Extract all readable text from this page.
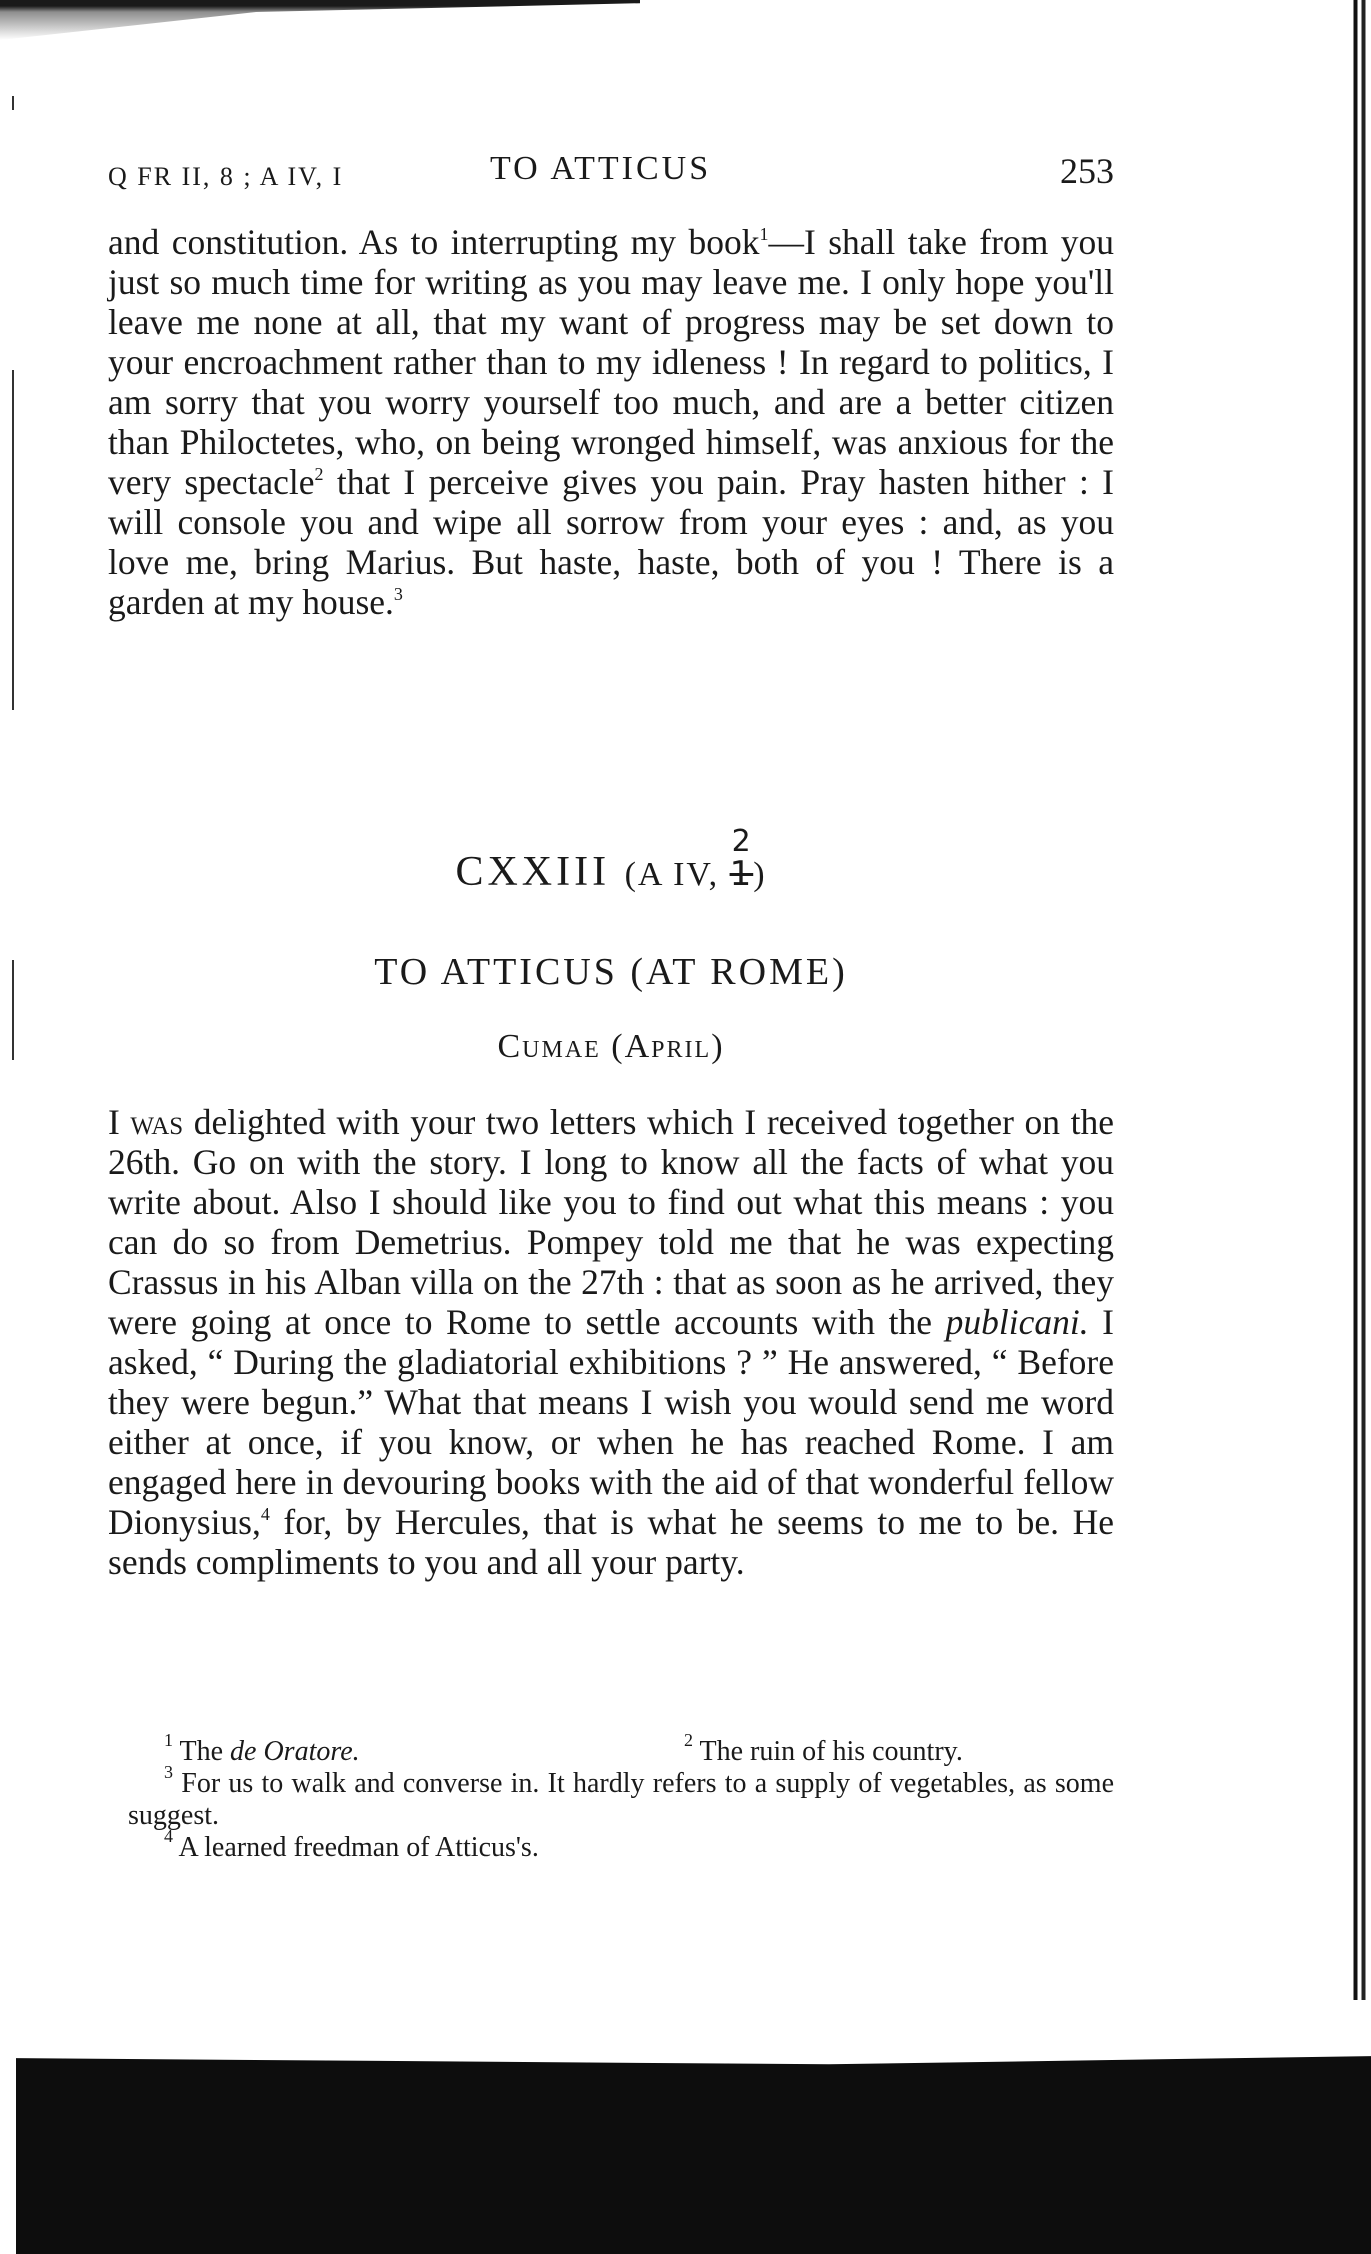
Q FR II, 8 ; A IV, I	TO ATTICUS	253

and constitution. As to interrupting my book$^1$—I shall take from you just so much time for writing as you may leave me. I only hope you'll leave me none at all, that my want of progress may be set down to your encroachment rather than to my idleness ! In regard to politics, I am sorry that you worry yourself too much, and are a better citizen than Philoctetes, who, on being wronged himself, was anxious for the very spectacle$^2$ that I perceive gives you pain. Pray hasten hither : I will console you and wipe all sorrow from your eyes : and, as you love me, bring Marius. But haste, haste, both of you ! There is a garden at my house.$^3$

CXXIII (A IV,
2
1)
TO ATTICUS (AT ROME)
Cumae (April)

I was delighted with your two letters which I received together on the 26th. Go on with the story. I long to know all the facts of what you write about. Also I should like you to find out what this means : you can do so from Demetrius. Pompey told me that he was expecting Crassus in his Alban villa on the 27th : that as soon as he arrived, they were going at once to Rome to settle accounts with the publicani. I asked, “ During the gladiatorial exhibitions ? ” He answered, “ Before they were begun.” What that means I wish you would send me word either at once, if you know, or when he has reached Rome. I am engaged here in devouring books with the aid of that wonderful fellow Dionysius,$^4$ for, by Hercules, that is what he seems to me to be. He sends compliments to you and all your party.

$^1$ The de Oratore.	$^2$ The ruin of his country.
$^3$ For us to walk and converse in. It hardly refers to a supply of vegetables, as some suggest.
$^4$ A learned freedman of Atticus's.
